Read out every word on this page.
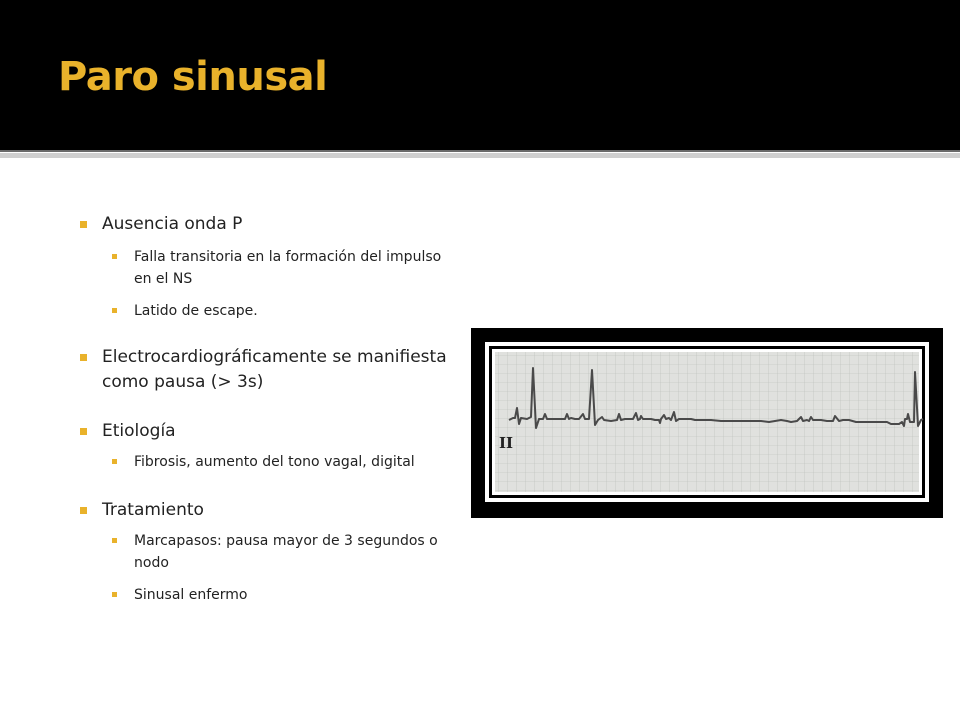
Paro sinusal
Ausencia onda P
Falla transitoria en la formación del impulso en el NS
Latido de escape.
Electrocardiográficamente se manifiesta como pausa (> 3s)
Etiología
Fibrosis, aumento del tono vagal, digital
Tratamiento
Marcapasos: pausa mayor de 3 segundos o nodo
Sinusal enfermo
II
